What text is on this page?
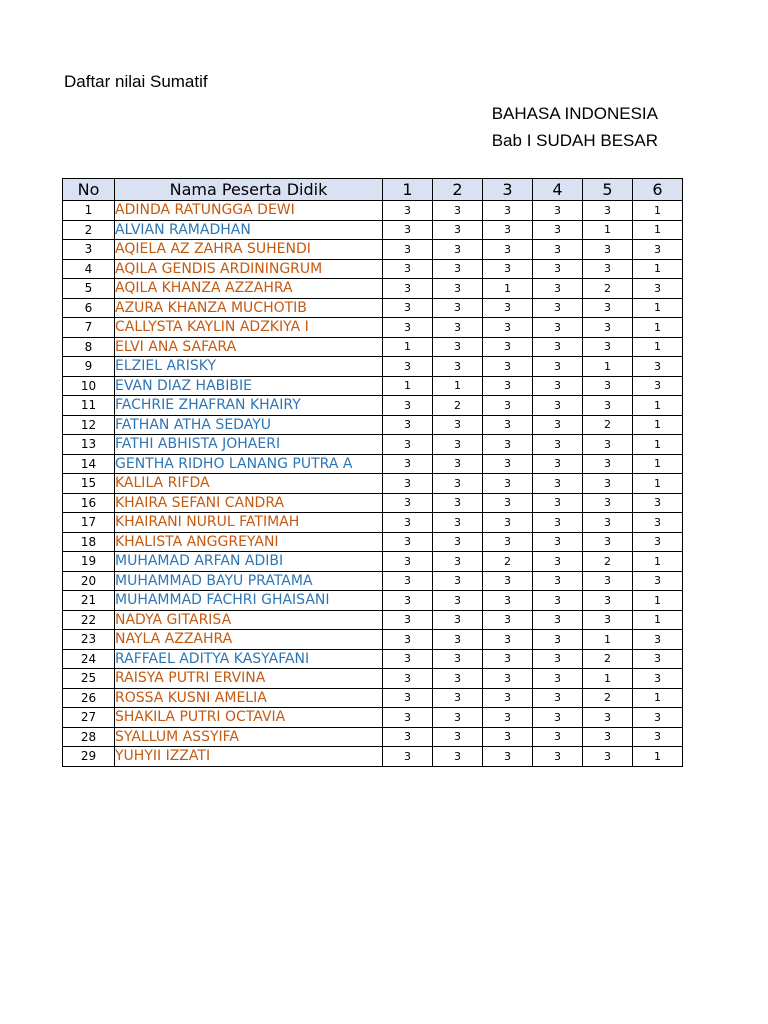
Daftar nilai Sumatif
BAHASA INDONESIA
Bab I SUDAH BESAR
No	Nama Peserta Didik	1	2	3	4	5	6
1	ADINDA RATUNGGA DEWI	3	3	3	3	3	1
2	ALVIAN RAMADHAN	3	3	3	3	1	1
3	AQIELA AZ ZAHRA SUHENDI	3	3	3	3	3	3
4	AQILA GENDIS ARDININGRUM	3	3	3	3	3	1
5	AQILA KHANZA AZZAHRA	3	3	1	3	2	3
6	AZURA KHANZA MUCHOTIB	3	3	3	3	3	1
7	CALLYSTA KAYLIN ADZKIYA I	3	3	3	3	3	1
8	ELVI ANA SAFARA	1	3	3	3	3	1
9	ELZIEL ARISKY	3	3	3	3	1	3
10	EVAN DIAZ HABIBIE	1	1	3	3	3	3
11	FACHRIE ZHAFRAN KHAIRY	3	2	3	3	3	1
12	FATHAN ATHA SEDAYU	3	3	3	3	2	1
13	FATHI ABHISTA JOHAERI	3	3	3	3	3	1
14	GENTHA RIDHO LANANG PUTRA A	3	3	3	3	3	1
15	KALILA RIFDA	3	3	3	3	3	1
16	KHAIRA SEFANI CANDRA	3	3	3	3	3	3
17	KHAIRANI NURUL FATIMAH	3	3	3	3	3	3
18	KHALISTA ANGGREYANI	3	3	3	3	3	3
19	MUHAMAD ARFAN ADIBI	3	3	2	3	2	1
20	MUHAMMAD BAYU PRATAMA	3	3	3	3	3	3
21	MUHAMMAD FACHRI GHAISANI	3	3	3	3	3	1
22	NADYA GITARISA	3	3	3	3	3	1
23	NAYLA AZZAHRA	3	3	3	3	1	3
24	RAFFAEL ADITYA KASYAFANI	3	3	3	3	2	3
25	RAISYA PUTRI ERVINA	3	3	3	3	1	3
26	ROSSA KUSNI AMELIA	3	3	3	3	2	1
27	SHAKILA PUTRI OCTAVIA	3	3	3	3	3	3
28	SYALLUM ASSYIFA	3	3	3	3	3	3
29	YUHYII IZZATI	3	3	3	3	3	1
